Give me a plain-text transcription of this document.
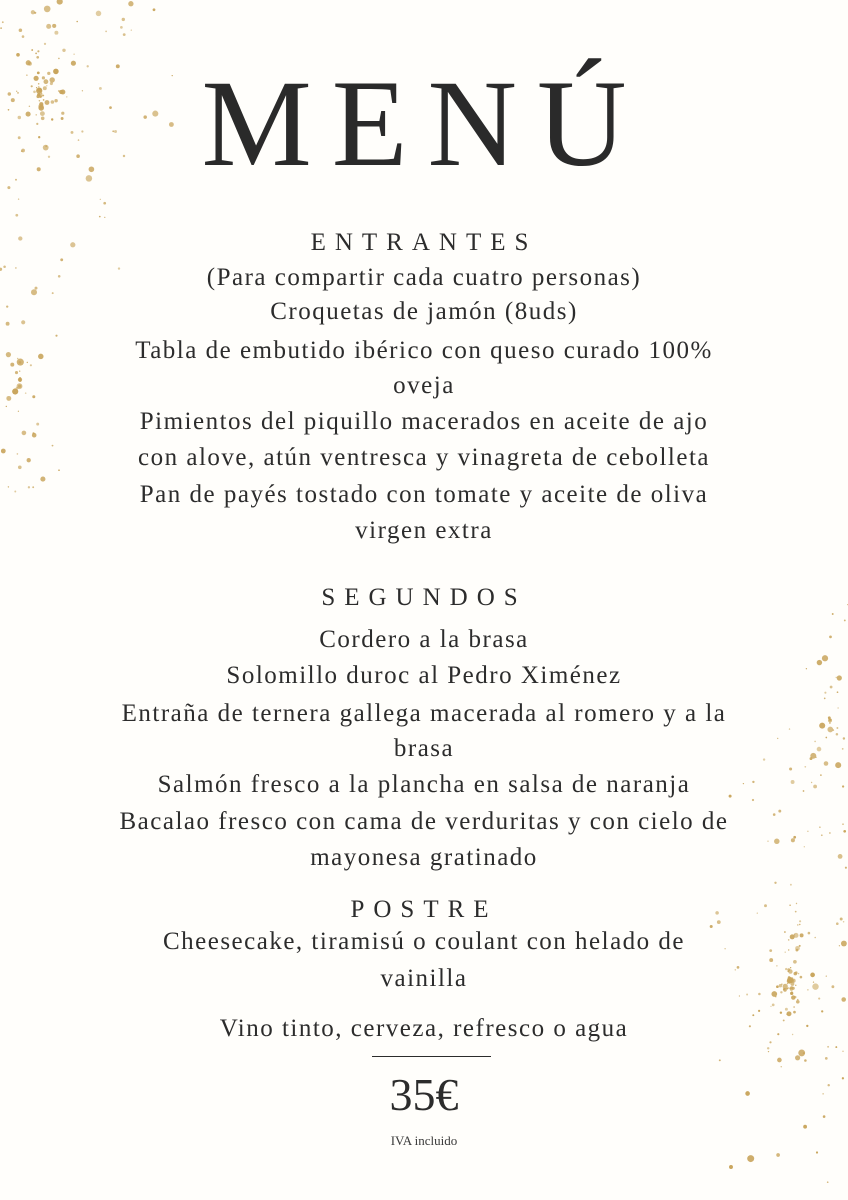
MENÚ
ENTRANTES
(Para compartir cada cuatro personas)
Croquetas de jamón (8uds)
Tabla de embutido ibérico con queso curado 100%
oveja
Pimientos del piquillo macerados en aceite de ajo
con alove, atún ventresca y vinagreta de cebolleta
Pan de payés tostado con tomate y aceite de oliva
virgen extra
SEGUNDOS
Cordero a la brasa
Solomillo duroc al Pedro Ximénez
Entraña de ternera gallega macerada al romero y a la
brasa
Salmón fresco a la plancha en salsa de naranja
Bacalao fresco con cama de verduritas y con cielo de
mayonesa gratinado
POSTRE
Cheesecake, tiramisú o coulant con helado de
vainilla
Vino tinto, cerveza, refresco o agua
35€
IVA incluido
